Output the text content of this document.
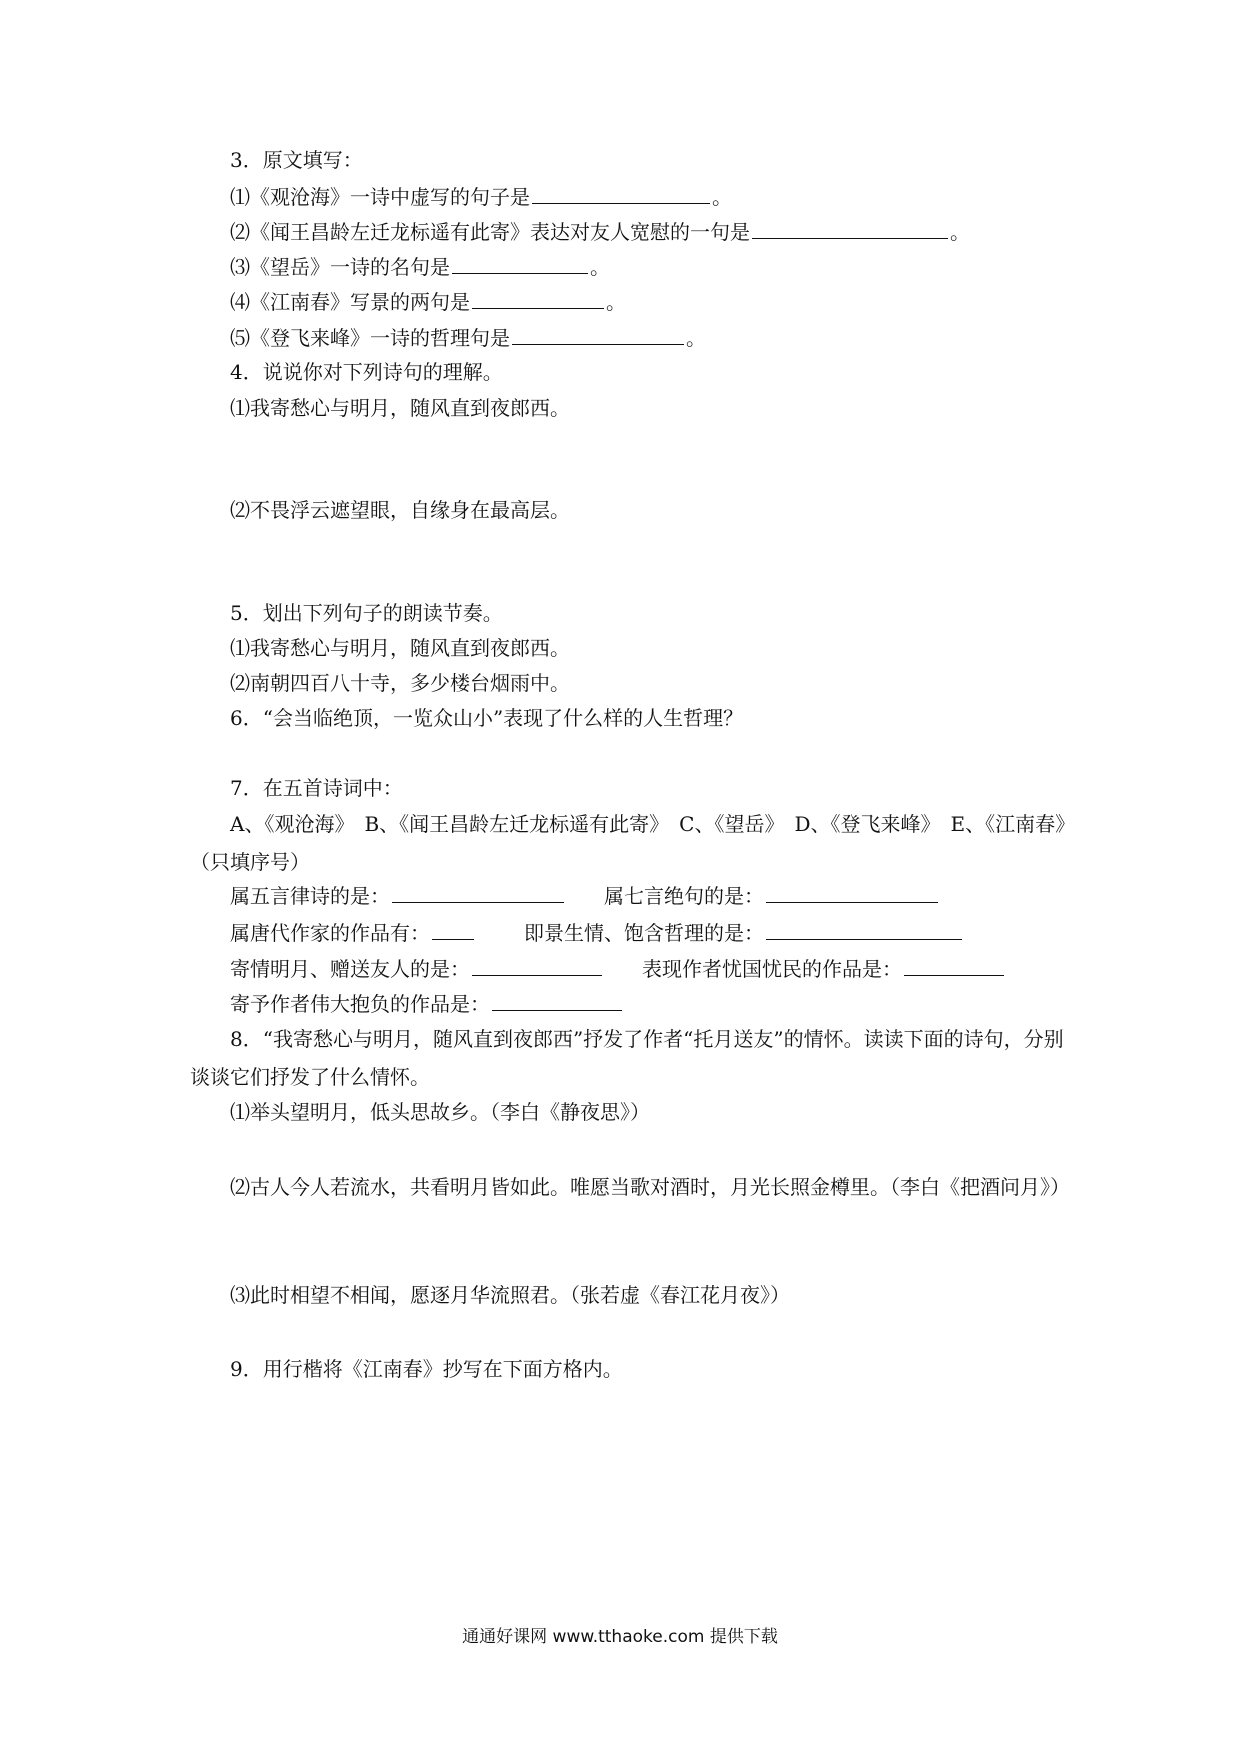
3．原文填写：
⑴《观沧海》一诗中虚写的句子是	。
⑵《闻王昌龄左迁龙标遥有此寄》表达对友人宽慰的一句是	。
⑶《望岳》一诗的名句是	。
⑷《江南春》写景的两句是	。
⑸《登飞来峰》一诗的哲理句是	。
4．说说你对下列诗句的理解。
⑴我寄愁心与明月，随风直到夜郎西。
⑵不畏浮云遮望眼，自缘身在最高层。
5．划出下列句子的朗读节奏。
⑴我寄愁心与明月，随风直到夜郎西。
⑵南朝四百八十寺，多少楼台烟雨中。
6．“会当临绝顶，一览众山小”表现了什么样的人生哲理？
7．在五首诗词中：
A、《观沧海》　B、《闻王昌龄左迁龙标遥有此寄》　C、《望岳》　D、《登飞来峰》　E、《江南春》（只填序号）
属五言律诗的是：	属七言绝句的是：
属唐代作家的作品有：	即景生情、饱含哲理的是：
寄情明月、赠送友人的是：	表现作者忧国忧民的作品是：
寄予作者伟大抱负的作品是：
8．“我寄愁心与明月，随风直到夜郎西”抒发了作者“托月送友”的情怀。读读下面的诗句，分别谈谈它们抒发了什么情怀。
⑴举头望明月，低头思故乡。（李白《静夜思》）
⑵古人今人若流水，共看明月皆如此。唯愿当歌对酒时，月光长照金樽里。（李白《把酒问月》）
⑶此时相望不相闻，愿逐月华流照君。（张若虚《春江花月夜》）
9．用行楷将《江南春》抄写在下面方格内。
通通好课网 www.tthaoke.com 提供下载
